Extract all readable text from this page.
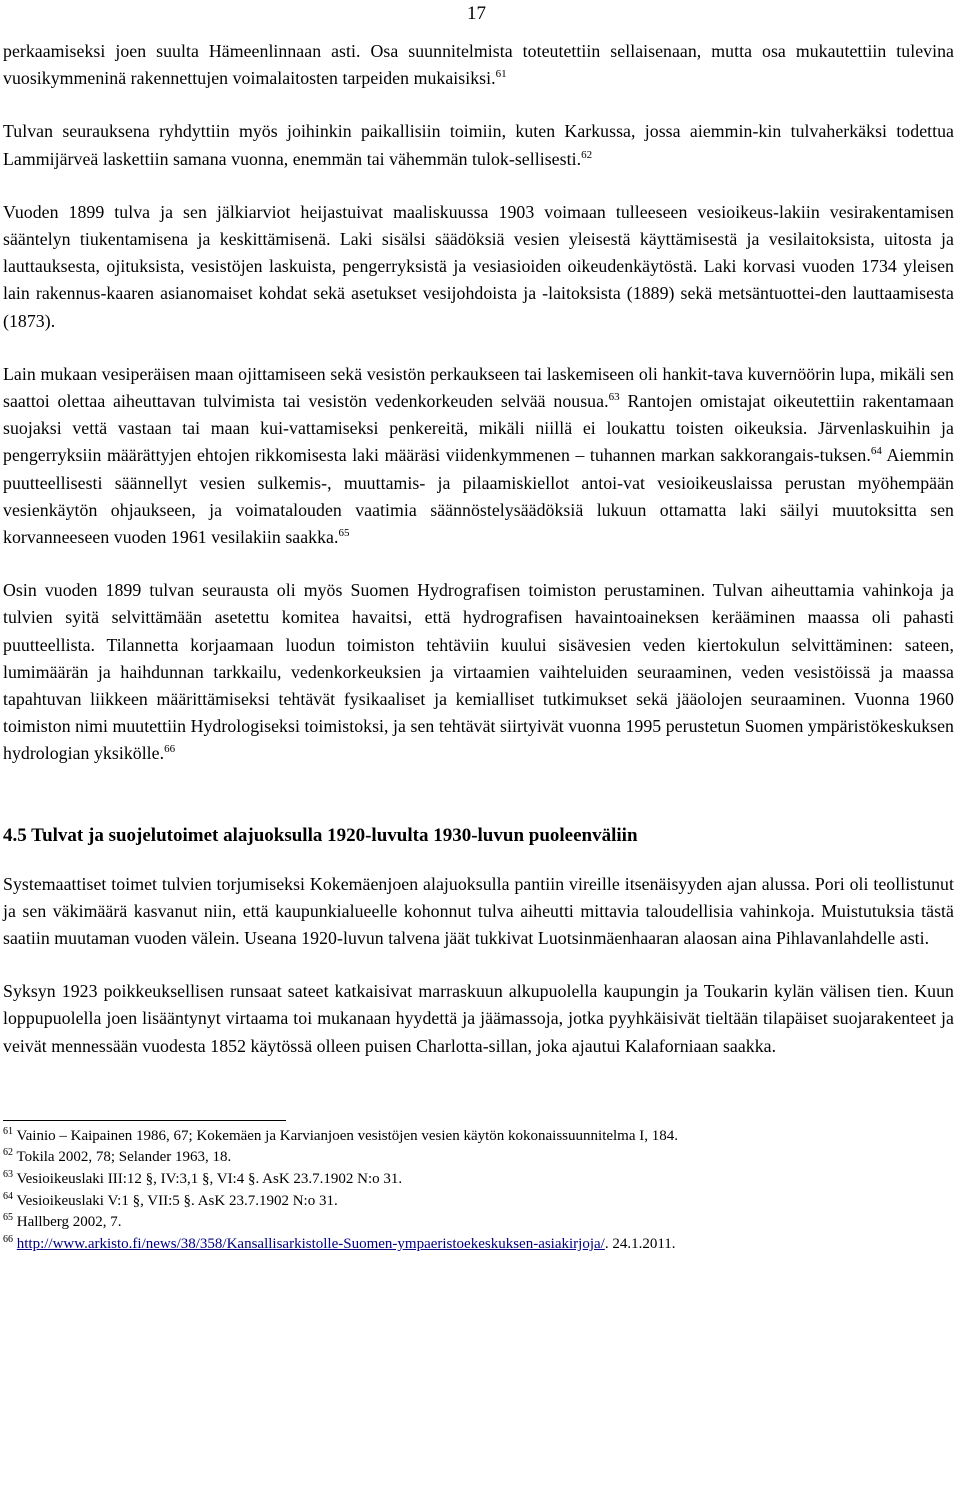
17

perkaamiseksi joen suulta Hämeenlinnaan asti. Osa suunnitelmista toteutettiin sellaisenaan, mutta osa mukautettiin tulevina vuosikymmeninä rakennettujen voimalaitosten tarpeiden mukaisiksi.$^{61}$

Tulvan seurauksena ryhdyttiin myös joihinkin paikallisiin toimiin, kuten Karkussa, jossa aiemmin-kin tulvaherkäksi todettua Lammijärveä laskettiin samana vuonna, enemmän tai vähemmän tulok-sellisesti.$^{62}$

Vuoden 1899 tulva ja sen jälkiarviot heijastuivat maaliskuussa 1903 voimaan tulleeseen vesioikeus-lakiin vesirakentamisen sääntelyn tiukentamisena ja keskittämisenä. Laki sisälsi säädöksiä vesien yleisestä käyttämisestä ja vesilaitoksista, uitosta ja lauttauksesta, ojituksista, vesistöjen laskuista, pengerryksistä ja vesiasioiden oikeudenkäytöstä. Laki korvasi vuoden 1734 yleisen lain rakennus-kaaren asianomaiset kohdat sekä asetukset vesijohdoista ja -laitoksista (1889) sekä metsäntuottei-den lauttaamisesta (1873).

Lain mukaan vesiperäisen maan ojittamiseen sekä vesistön perkaukseen tai laskemiseen oli hankit-tava kuvernöörin lupa, mikäli sen saattoi olettaa aiheuttavan tulvimista tai vesistön vedenkorkeuden selvää nousua.$^{63}$ Rantojen omistajat oikeutettiin rakentamaan suojaksi vettä vastaan tai maan kui-vattamiseksi penkereitä, mikäli niillä ei loukattu toisten oikeuksia. Järvenlaskuihin ja pengerryksiin määrättyjen ehtojen rikkomisesta laki määräsi viidenkymmenen – tuhannen markan sakkorangais-tuksen.$^{64}$ Aiemmin puutteellisesti säännellyt vesien sulkemis-, muuttamis- ja pilaamiskiellot antoi-vat vesioikeuslaissa perustan myöhempään vesienkäytön ohjaukseen, ja voimatalouden vaatimia säännöstelysäädöksiä lukuun ottamatta laki säilyi muutoksitta sen korvanneeseen vuoden 1961 vesilakiin saakka.$^{65}$

Osin vuoden 1899 tulvan seurausta oli myös Suomen Hydrografisen toimiston perustaminen. Tulvan aiheuttamia vahinkoja ja tulvien syitä selvittämään asetettu komitea havaitsi, että hydrografisen havaintoaineksen kerääminen maassa oli pahasti puutteellista. Tilannetta korjaamaan luodun toimiston tehtäviin kuului sisävesien veden kiertokulun selvittäminen: sateen, lumimäärän ja haihdunnan tarkkailu, vedenkorkeuksien ja virtaamien vaihteluiden seuraaminen, veden vesistöissä ja maassa tapahtuvan liikkeen määrittämiseksi tehtävät fysikaaliset ja kemialliset tutkimukset sekä jääolojen seuraaminen. Vuonna 1960 toimiston nimi muutettiin Hydrologiseksi toimistoksi, ja sen tehtävät siirtyivät vuonna 1995 perustetun Suomen ympäristökeskuksen hydrologian yksikölle.$^{66}$

4.5 Tulvat ja suojelutoimet alajuoksulla 1920-luvulta 1930-luvun puoleenväliin

Systemaattiset toimet tulvien torjumiseksi Kokemäenjoen alajuoksulla pantiin vireille itsenäisyyden ajan alussa. Pori oli teollistunut ja sen väkimäärä kasvanut niin, että kaupunkialueelle kohonnut tulva aiheutti mittavia taloudellisia vahinkoja. Muistutuksia tästä saatiin muutaman vuoden välein. Useana 1920-luvun talvena jäät tukkivat Luotsinmäenhaaran alaosan aina Pihlavanlahdelle asti.

Syksyn 1923 poikkeuksellisen runsaat sateet katkaisivat marraskuun alkupuolella kaupungin ja Toukarin kylän välisen tien. Kuun loppupuolella joen lisääntynyt virtaama toi mukanaan hyydettä ja jäämassoja, jotka pyyhkäisivät tieltään tilapäiset suojarakenteet ja veivät mennessään vuodesta 1852 käytössä olleen puisen Charlotta-sillan, joka ajautui Kalaforniaan saakka.

$^{61}$ Vainio – Kaipainen 1986, 67; Kokemäen ja Karvianjoen vesistöjen vesien käytön kokonaissuunnitelma I, 184.
$^{62}$ Tokila 2002, 78; Selander 1963, 18.
$^{63}$ Vesioikeuslaki III:12 §, IV:3,1 §, VI:4 §. AsK 23.7.1902 N:o 31.
$^{64}$ Vesioikeuslaki V:1 §, VII:5 §. AsK 23.7.1902 N:o 31.
$^{65}$ Hallberg 2002, 7.
$^{66}$ http://www.arkisto.fi/news/38/358/Kansallisarkistolle-Suomen-ympaeristoekeskuksen-asiakirjoja/. 24.1.2011.
